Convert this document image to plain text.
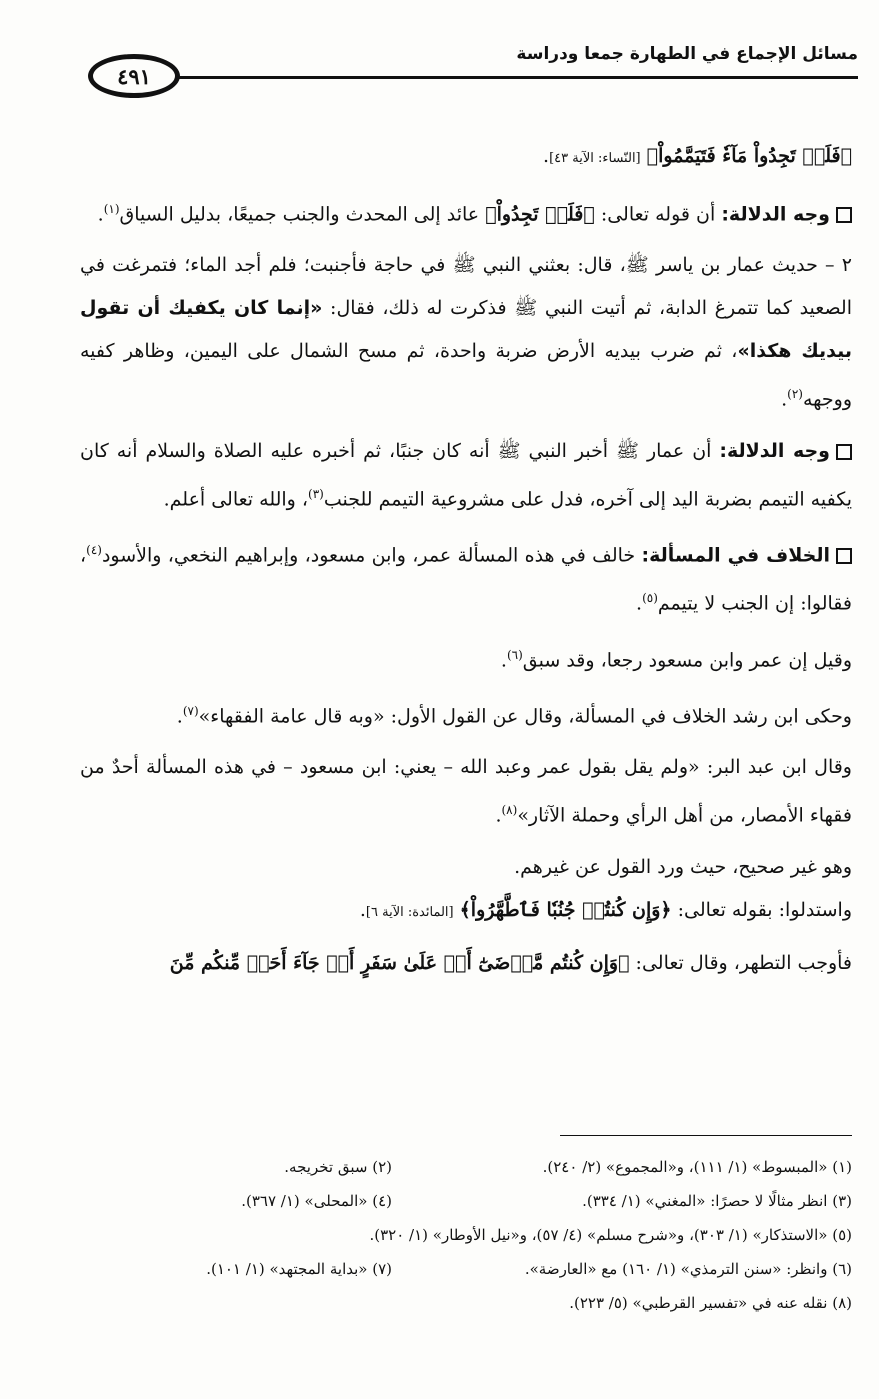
٤٩١
مسائل الإجماع في الطهارة جمعا ودراسة

﴿فَلَمۡ تَجِدُواْ مَآءٗ فَتَيَمَّمُواْ﴾ [النّساء: الآية ٤٣].

وجه الدلالة: أن قوله تعالى: ﴿فَلَمۡ تَجِدُواْ﴾ عائد إلى المحدث والجنب جميعًا، بدليل السياق$^{(١)}$.

٢ – حديث عمار بن ياسر ﷺ، قال: بعثني النبي ﷺ في حاجة فأجنبت؛ فلم أجد الماء؛ فتمرغت في الصعيد كما تتمرغ الدابة، ثم أتيت النبي ﷺ فذكرت له ذلك، فقال: «إنما كان يكفيك أن تقول بيديك هكذا»، ثم ضرب بيديه الأرض ضربة واحدة، ثم مسح الشمال على اليمين، وظاهر كفيه ووجهه$^{(٢)}$.

وجه الدلالة: أن عمار ﷺ أخبر النبي ﷺ أنه كان جنبًا، ثم أخبره عليه الصلاة والسلام أنه كان يكفيه التيمم بضربة اليد إلى آخره، فدل على مشروعية التيمم للجنب$^{(٣)}$، والله تعالى أعلم.

الخلاف في المسألة: خالف في هذه المسألة عمر، وابن مسعود، وإبراهيم النخعي، والأسود$^{(٤)}$، فقالوا: إن الجنب لا يتيمم$^{(٥)}$.

وقيل إن عمر وابن مسعود رجعا، وقد سبق$^{(٦)}$.

وحكى ابن رشد الخلاف في المسألة، وقال عن القول الأول: «وبه قال عامة الفقهاء»$^{(٧)}$.

وقال ابن عبد البر: «ولم يقل بقول عمر وعبد الله – يعني: ابن مسعود – في هذه المسألة أحدٌ من فقهاء الأمصار، من أهل الرأي وحملة الآثار»$^{(٨)}$.

وهو غير صحيح، حيث ورد القول عن غيرهم.

واستدلوا: بقوله تعالى: ﴿وَإِن كُنتُمۡ جُنُبٗا فَٱطَّهَّرُواْ﴾ [المائدة: الآية ٦].

فأوجب التطهر، وقال تعالى: ﴿وَإِن كُنتُم مَّرۡضَىٰٓ أَوۡ عَلَىٰ سَفَرٍ أَوۡ جَآءَ أَحَدٞ مِّنكُم مِّنَ

(١) «المبسوط» (١/ ١١١)، و«المجموع» (٢/ ٢٤٠).
(٢) سبق تخريجه.
(٣) انظر مثالًا لا حصرًا: «المغني» (١/ ٣٣٤).
(٤) «المحلى» (١/ ٣٦٧).
(٥) «الاستذكار» (١/ ٣٠٣)، و«شرح مسلم» (٤/ ٥٧)، و«نيل الأوطار» (١/ ٣٢٠).
(٦) وانظر: «سنن الترمذي» (١/ ١٦٠) مع «العارضة».
(٧) «بداية المجتهد» (١/ ١٠١).
(٨) نقله عنه في «تفسير القرطبي» (٥/ ٢٢٣).
